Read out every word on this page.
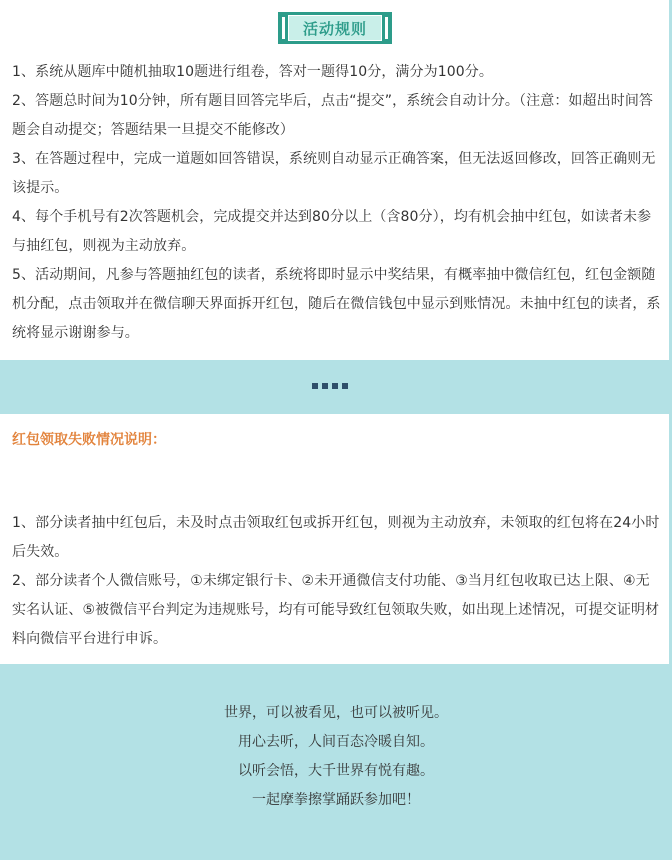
活动规则

1、系统从题库中随机抽取10题进行组卷，答对一题得10分，满分为100分。

2、答题总时间为10分钟，所有题目回答完毕后，点击“提交”，系统会自动计分。（注意：如超出时间答题会自动提交；答题结果一旦提交不能修改）

3、在答题过程中，完成一道题如回答错误，系统则自动显示正确答案，但无法返回修改，回答正确则无该提示。

4、每个手机号有2次答题机会，完成提交并达到80分以上（含80分），均有机会抽中红包，如读者未参与抽红包，则视为主动放弃。

5、活动期间，凡参与答题抽红包的读者，系统将即时显示中奖结果，有概率抽中微信红包，红包金额随机分配，点击领取并在微信聊天界面拆开红包，随后在微信钱包中显示到账情况。未抽中红包的读者，系统将显示谢谢参与。

红包领取失败情况说明：

1、部分读者抽中红包后，未及时点击领取红包或拆开红包，则视为主动放弃，未领取的红包将在24小时后失效。

2、部分读者个人微信账号，①未绑定银行卡、②未开通微信支付功能、③当月红包收取已达上限、④无实名认证、⑤被微信平台判定为违规账号，均有可能导致红包领取失败，如出现上述情况，可提交证明材料向微信平台进行申诉。

世界，可以被看见，也可以被听见。

用心去听，人间百态冷暖自知。

以听会悟，大千世界有悦有趣。

一起摩拳擦掌踊跃参加吧！
